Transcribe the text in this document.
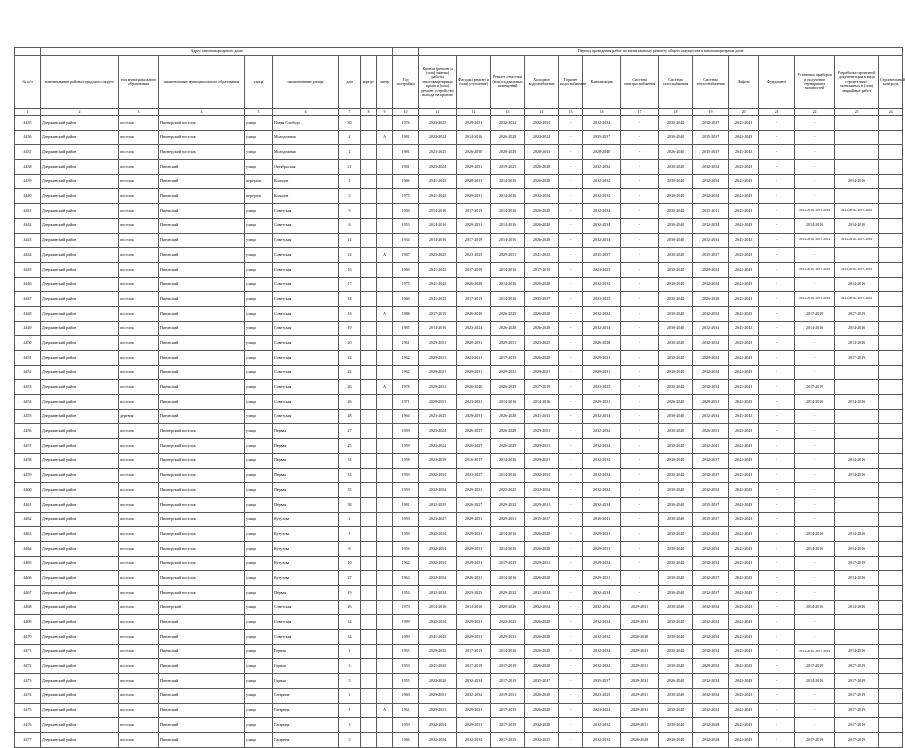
	Адрес многоквартирного дома									Период проведения работ по капитальному ремонту общего имущества в многоквартирном доме													
№ п/п	наименование района/городского округа	тип муниципального образования	наименование муниципального образования	улица	наименование улицы	дом	корпус	литер	Год постройки	Кровля (ремонт и (или) замена) работы многоквартирных крыш и (или) ремонт устройство выхода на кровлю	Фасады (ремонт и (или) утепление)	Ремонт отмостки (или) подвальных помещений	Холодное водоснабжение	Горячее водоснабжение	Канализация	Система электроснабжения	Система газоснабжения	Система теплоснабжения	Лифты	Фундамент	Установка приборов и получение сертификата мощностей	Разработка проектной документации в вида строительно-монтажных и (или) аварийных работ	Строительный контроль
1	2	3	4	5	6	7	8	9	10	11	12	13	14	15	16	17	18	19	20	21	22	23	24
4435	Дзержинский район	поселок	Пионерский поселок	улица	Новая Слобода	30			1976	2023-2025	2029-2031	2032-2034	2032-2034	-	2032-2034	-	2030-2040	2032-2037	2041-2043	-	-		
4436	Дзержинский район	поселок	Пионерский поселок	улица	Молодежная	2		А	1981	2023-2024	2014-2016	2026-2028	2023-2024	-	2035-2037	-	2030-2040	2035-2037	2041-2043	-	-		
4437	Дзержинский район	поселок	Пионерский поселок	улица	Молодежная	2			1981	2023-2025	2026-2030	2028-2029	2028-2043	-	2028-2040	-	2026-2040	2035-2037	2041-2043	-	-		
4438	Дзержинский район	поселок	Пятовский	улица	Октябрьская	21			1981	2023-2024	2029-2031	2019-2023	2026-2028	-	2032-2034	-	2030-2040	2032-2034	2041-2043	-	-		
4439	Дзержинский район	поселок	Пятовский	переулок	Кольцов	1			1966	2041-2043	2028-2031	2014-2016	2026-2028	-	2032-2034	-	2030-2040	2032-2034	2041-2043	-	-	2014-2016	
4440	Дзержинский район	поселок	Пятовский	переулок	Кольцов	5			1975	2041-2043	2029-2031	2014-2016	2032-2034	-	2032-2034	-	2030-2040	2032-2034	2041-2043	-	-		
4441	Дзержинский район	поселок	Пятовский	улица	Советская	5			1950	2014-2016	2017-2019	2014-2016	2026-2028	-	2032-2034	-	2030-2040	2035-2011	2041-2043	-	2014-2016, 2017-2019	2014-2016, 2017-2019	
4442	Дзержинский район	поселок	Пятовский	улица	Советская	6			1953	2014-2016	2029-2031	2014-2016	2026-2028	-	2032-2034	-	2030-2040	2032-2034	2041-2043	-	2014-2016	2014-2016	
4443	Дзержинский район	поселок	Пятовский	улица	Советская	14			1934	2014-2016	2017-2019	2014-2016	2026-2028	-	2032-2034	-	2030-2040	2032-2034	2041-2043	-	2014-2016, 2017-2019	2014-2016, 2017-2019	
4444	Дзержинский район	поселок	Пятовский	улица	Советская	14		А	1987	2023-2025	2023-2025	2029-2031	2041-2043	-	2035-2037	-	2030-2040	2035-2037	2041-2043	-	-		
4445	Дзержинский район	поселок	Пятовский	улица	Советская	16			1960	2041-2043	2017-2019	2014-2016	2017-2019	-	2023-2025	-	2030-2040	2029-2034	2041-2043	-	2014-2016, 2017-2019	2014-2016, 2017-2019	
4446	Дзержинский район	поселок	Пятовский	улица	Советская	17			1975	2041-2043	2026-2028	2014-2016	2026-2028	-	2032-2034	-	2030-2040	2032-2034	2041-2043	-	-	2014-2016	
4447	Дзержинский район	поселок	Пятовский	улица	Советская	18			1960	2041-2043	2017-2019	2014-2016	2035-2037	-	2023-2025	-	2030-2040	2026-2028	2041-2043	-	2014-2016, 2017-2019	2014-2016, 2017-2019	
4448	Дзержинский район	поселок	Пятовский	улица	Советская	18		А	1988	2017-2019	2026-2040	2026-2029	2026-2028	-	2032-2034	-	2030-2040	2032-2034	2041-2043	-	2017-2019	2017-2019	
4449	Дзержинский район	поселок	Пятовский	улица	Советская	19			1985	2014-2016	2023-2024	2026-2028	2026-2028	-	2032-2034	-	2030-2040	2032-2034	2041-2043	-	2014-2016	2014-2016	
4450	Дзержинский район	поселок	Пятовский	улица	Советская	20			1961	2029-2031	2020-2031	2029-2031	2023-2025	-	2026-2028	-	2030-2040	2032-2034	2041-2043	-	-	2014-2016	
4451	Дзержинский район	поселок	Пятовский	улица	Советская	22			1962	2029-2031	2023-2031	2017-2019	2026-2028	-	2029-2031	-	2030-2040	2029-2034	2041-2043	-	-	2017-2019	
4452	Дзержинский район	поселок	Пятовский	улица	Советская	24			1962	2029-2031	2029-2031	2029-2031	2029-2031	-	2029-2031	-	2030-2040	2032-2034	2041-2043	-	-		
4453	Дзержинский район	поселок	Пятовский	улица	Советская	26		А	1978	2029-2031	2026-2040	2026-2029	2017-2019	-	2023-2025	-	2030-2040	2032-2034	2041-2043	-	2017-2019		
4454	Дзержинский район	поселок	Пятовский	улица	Советская	26			1971	2029-2031	2023-2031	2014-2016	2014-2016	-	2029-2031	-	2026-2040	2029-2031	2041-2043	-	2014-2016	2014-2016	
4455	Дзержинский район	деревня	Пятовский	улица	Советская	28			1964	2023-2025	2029-2031	2026-2028	2041-2043	-	2032-2034	-	2030-2040	2032-2034	2041-2043	-	-		
4456	Дзержинский район	поселок	Пионерский поселок	улица	Первая	27			1959	2023-2024	2026-2027	2026-2028	2029-2031	-	2032-2034	-	2030-2040	2026-2031	2041-2043	-	-		
4457	Дзержинский район	поселок	Пионерский поселок	улица	Первая	25			1959	2023-2024	2026-2027	2026-2029	2029-2031	-	2032-2034	-	2030-2040	2032-2041	2041-2043	-	-		
4458	Дзержинский район	поселок	Пионерский поселок	улица	Первая	31			1958	2023-2039	2016-2017	2014-2016	2029-2031	-	2032-2034	-	2030-2040	2032-2037	2041-2043	-	-	2014-2016	
4459	Дзержинский район	поселок	Пионерский поселок	улица	Первая	33			1959	2032-2034	2023-2027	2014-2016	2032-2034	-	2032-2034	-	2030-2040	2032-2037	2041-2043	-	-	2014-2016	
4460	Дзержинский район	поселок	Пионерский поселок	улица	Первая	35			1959	2032-2034	2029-2031	2023-2025	2032-2034	-	2032-2034	-	2030-2040	2032-2034	2041-2043	-	-		
4461	Дзержинский район	поселок	Пионерский поселок	улица	Первая	38			1981	2032-2035	2026-2027	2029-2032	2029-2031	-	2032-2034	-	2030-2040	2035-2037	2041-2043	-	-		
4462	Дзержинский район	поселок	Пионерский поселок	улица	Кутузова	2			1950	2023-2027	2029-2031	2029-2031	2035-2037	-	2036-2041	-	2030-2040	2035-2037	2041-2043	-	-		
4463	Дзержинский район	поселок	Пионерский поселок	улица	Кутузова	1			1950	2032-2034	2029-2031	2014-2016	2026-2028	-	2029-2031	-	2030-2040	2032-2034	2041-2043	-	2014-2016	2014-2016	
4464	Дзержинский район	поселок	Пионерский поселок	улица	Кутузова	8			1956	2032-2034	2029-2031	2014-2016	2026-2028	-	2029-2031	-	2030-2040	2032-2034	2041-2043	-	2014-2016	2014-2016	
4465	Дзержинский район	поселок	Пионерский поселок	улица	Кутузова	10			1962	2032-2034	2029-2031	2017-2019	2029-2031	-	2029-2034	-	2030-2040	2032-2034	2041-2043	-	-	2017-2019	
4466	Дзержинский район	поселок	Пионерский поселок	улица	Кутузова	27			1964	2032-2034	2026-2031	2014-2016	2026-2028	-	2029-2031	-	2030-2040	2032-2037	2041-2043	-	-	2014-2016	
4467	Дзержинский район	поселок	Пионерский поселок	улица	Первая	19			1954	2032-2034	2023-2025	2029-2032	2032-2034	-	2032-2034	-	2030-2040	2032-2037	2041-2043	-	-		
4468	Дзержинский район	поселок	Пионерский	улица	Советская	26			1973	2014-2016	2014-2016	2020-2026	2032-2034	-	2032-2034	2029-2031	2030-2040	2032-2034	2041-2043	-	2014-2016	2014-2016	
4469	Дзержинский район	поселок	Пятовский	улица	Советская	32			1999	2032-2034	2029-2031	2023-2025	2026-2028	-	2032-2034	2029-2031	2030-2040	2032-2034	2041-2043	-	-		
4470	Дзержинский район	поселок	Пятовский	улица	Советская	34			1999	2041-2043	2029-2031	2029-2031	2026-2028	-	2032-2034	2026-2028	2030-2040	2032-2034	2041-2043	-	-		
4471	Дзержинский район	поселок	Пятовский	улица	Горная	1			1955	2029-2032	2017-2019	2014-2016	2026-2028	-	2032-2034	2029-2031	2030-2040	2032-2034	2041-2043	-	2014-2016, 2017-2019	2014-2016	
4472	Дзержинский район	поселок	Пятовский	улица	Горная	3			1953	2041-2043	2017-2019	2017-2019	2026-2028	-	2032-2034	2029-2031	2030-2040	2029-2034	2041-2043	-	2017-2019	2017-2019	
4473	Дзержинский район	поселок	Пятовский	улица	Горная	5			1955	2023-2026	2032-2034	2017-2019	2035-2037	-	2035-2037	2029-2031	2026-2040	2032-2034	2041-2043	-	2014-2016	2017-2019	
4474	Дзержинский район	поселок	Пятовский	улица	Гагарина	1			1960	2029-2031	2032-2034	2019-2031	2026-2028	-	2023-2025	2029-2031	2030-2040	2032-2034	2041-2043	-	-	2017-2019	
4475	Дзержинский район	поселок	Пятовский	улица	Гагарина	1		А	1961	2029-2031	2029-2031	2017-2019	2026-2028	-	2023-2024	2029-2031	2030-2040	2032-2034	2041-2043	-	-	2017-2019	
4476	Дзержинский район	поселок	Пятовский	улица	Гагарина	3			1959	2032-2034	2029-2031	2017-2019	2032-2028	-	2032-2034	2029-2031	2030-2040	2032-2028	2041-2043	-	-	2017-2019	
4477	Дзержинский район	поселок	Пятовский	улица	Гагарина	5			1966	2032-2034	2032-2034	2017-2019	2032-2025	-	2032-2034	2026-2028	2030-2040	2032-2028	2041-2043	-	2017-2019	2017-2019	
